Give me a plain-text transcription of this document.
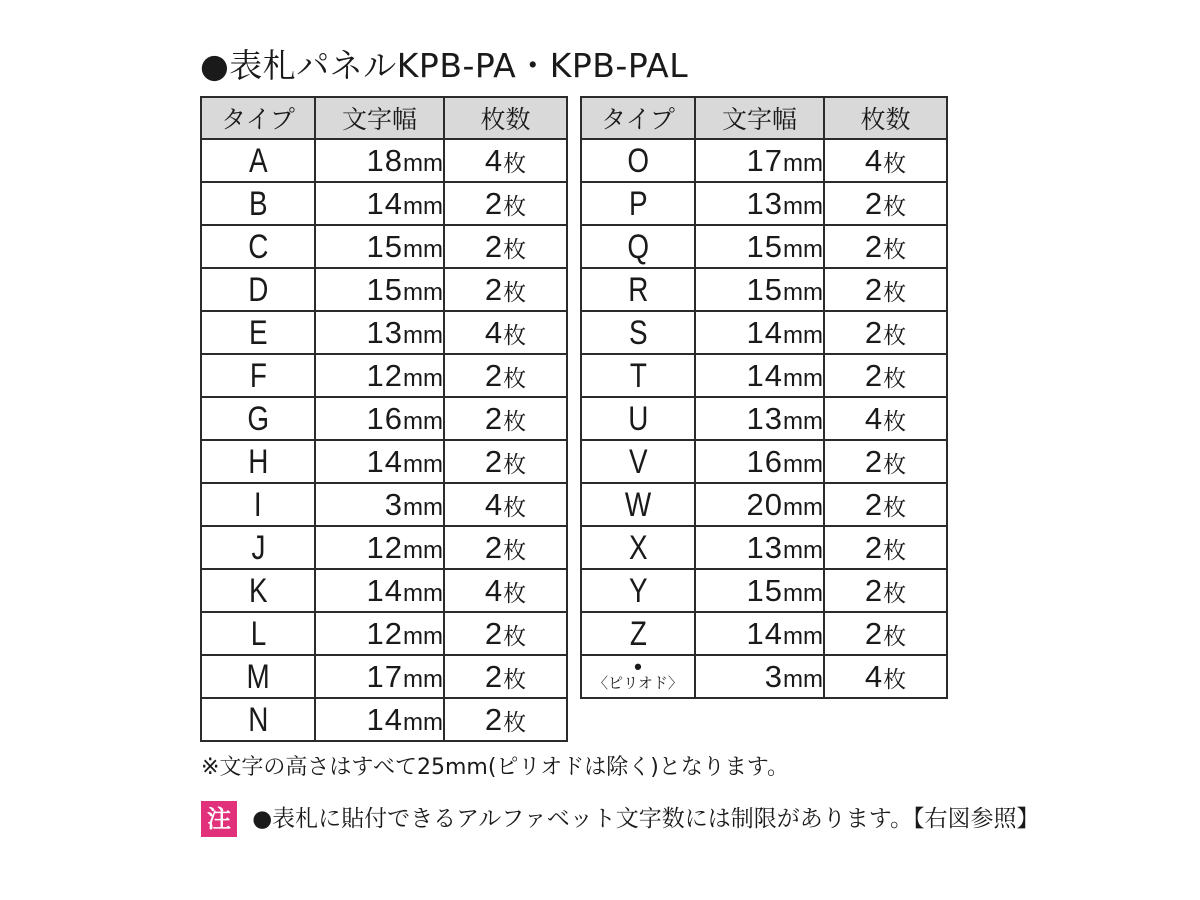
●表札パネルKPB-PA・KPB-PAL
タイプ	文字幅	枚数
A	18mm	4枚
B	14mm	2枚
C	15mm	2枚
D	15mm	2枚
E	13mm	4枚
F	12mm	2枚
G	16mm	2枚
H	14mm	2枚
I	3mm	4枚
J	12mm	2枚
K	14mm	4枚
L	12mm	2枚
M	17mm	2枚
N	14mm	2枚
タイプ	文字幅	枚数
O	17mm	4枚
P	13mm	2枚
Q	15mm	2枚
R	15mm	2枚
S	14mm	2枚
T	14mm	2枚
U	13mm	4枚
V	16mm	2枚
W	20mm	2枚
X	13mm	2枚
Y	15mm	2枚
Z	14mm	2枚

•
〈ピリオド〉	3mm	4枚
※文字の高さはすべて25mm(ピリオドは除く)となります。
注 ●表札に貼付できるアルファベット文字数には制限があります。【右図参照】
